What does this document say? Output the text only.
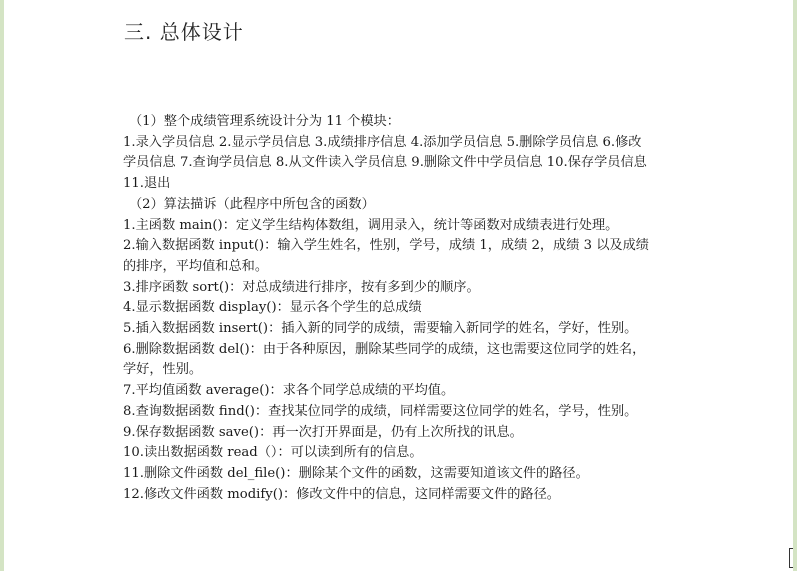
三. 总体设计
（1）整个成绩管理系统设计分为 11 个模块：
1.录入学员信息 2.显示学员信息 3.成绩排序信息 4.添加学员信息 5.删除学员信息 6.修改
学员信息 7.查询学员信息 8.从文件读入学员信息 9.删除文件中学员信息 10.保存学员信息
11.退出
（2）算法描诉（此程序中所包含的函数）
1.主函数 main()：定义学生结构体数组，调用录入，统计等函数对成绩表进行处理。
2.输入数据函数 input()：输入学生姓名，性别，学号，成绩 1，成绩 2，成绩 3 以及成绩
的排序，平均值和总和。
3.排序函数 sort()：对总成绩进行排序，按有多到少的顺序。
4.显示数据函数 display()：显示各个学生的总成绩
5.插入数据函数 insert()：插入新的同学的成绩，需要输入新同学的姓名，学好，性别。
6.删除数据函数 del()：由于各种原因，删除某些同学的成绩，这也需要这位同学的姓名，
学好，性别。
7.平均值函数 average()：求各个同学总成绩的平均值。
8.查询数据函数 find()：查找某位同学的成绩，同样需要这位同学的姓名，学号，性别。
9.保存数据函数 save()：再一次打开界面是，仍有上次所找的讯息。
10.读出数据函数 read（）：可以读到所有的信息。
11.删除文件函数 del_file()：删除某个文件的函数，这需要知道该文件的路径。
12.修改文件函数 modify()：修改文件中的信息，这同样需要文件的路径。
